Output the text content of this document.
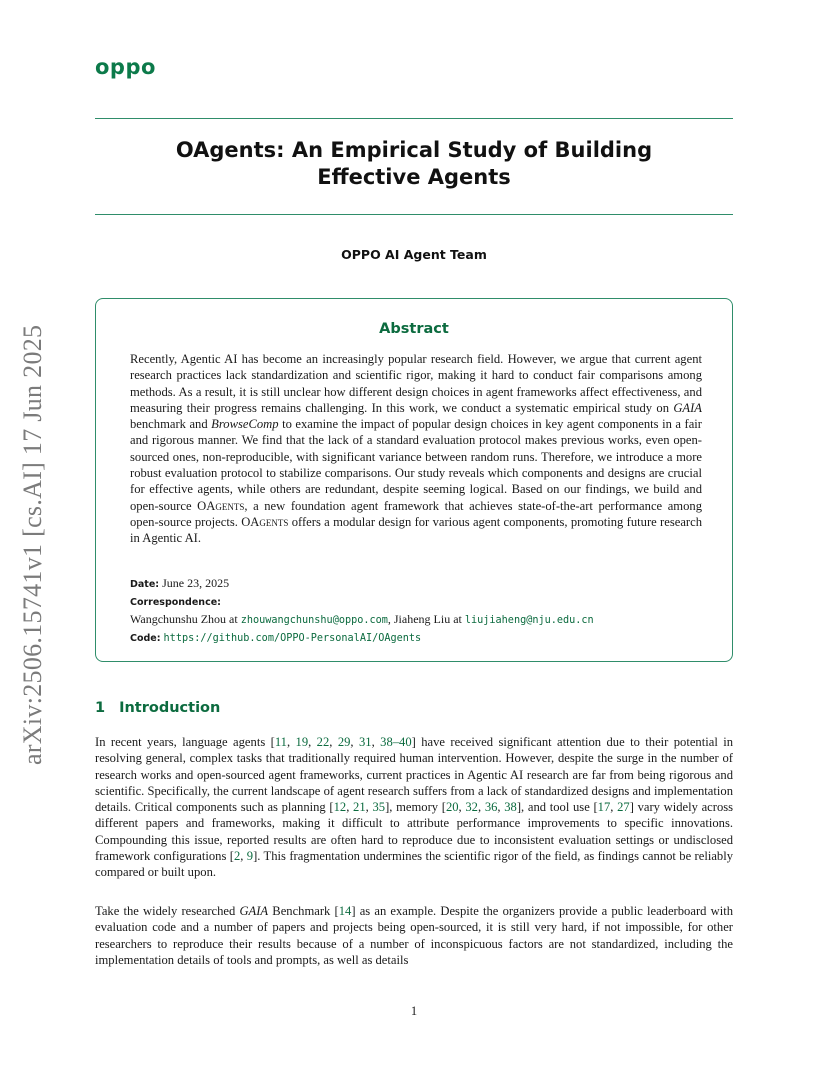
oppo
arXiv:2506.15741v1 [cs.AI] 17 Jun 2025
OAgents: An Empirical Study of Building
Effective Agents
OPPO AI Agent Team
Abstract

Recently, Agentic AI has become an increasingly popular research field. However, we argue that current agent research practices lack standardization and scientific rigor, making it hard to conduct fair comparisons among methods. As a result, it is still unclear how different design choices in agent frameworks affect effectiveness, and measuring their progress remains challenging. In this work, we conduct a systematic empirical study on GAIA benchmark and BrowseComp to examine the impact of popular design choices in key agent components in a fair and rigorous manner. We find that the lack of a standard evaluation protocol makes previous works, even open-sourced ones, non-reproducible, with significant variance between random runs. Therefore, we introduce a more robust evaluation protocol to stabilize comparisons. Our study reveals which components and designs are crucial for effective agents, while others are redundant, despite seeming logical. Based on our findings, we build and open-source OAgents, a new foundation agent framework that achieves state-of-the-art performance among open-source projects. OAgents offers a modular design for various agent components, promoting future research in Agentic AI.

Date: June 23, 2025
Correspondence:
Wangchunshu Zhou at zhouwangchunshu@oppo.com, Jiaheng Liu at liujiaheng@nju.edu.cn
Code: https://github.com/OPPO-PersonalAI/OAgents
1 Introduction

In recent years, language agents [11, 19, 22, 29, 31, 38–40] have received significant attention due to their potential in resolving general, complex tasks that traditionally required human intervention. However, despite the surge in the number of research works and open-sourced agent frameworks, current practices in Agentic AI research are far from being rigorous and scientific. Specifically, the current landscape of agent research suffers from a lack of standardized designs and implementation details. Critical components such as planning [12, 21, 35], memory [20, 32, 36, 38], and tool use [17, 27] vary widely across different papers and frameworks, making it difficult to attribute performance improvements to specific innovations. Compounding this issue, reported results are often hard to reproduce due to inconsistent evaluation settings or undisclosed framework configurations [2, 9]. This fragmentation undermines the scientific rigor of the field, as findings cannot be reliably compared or built upon.

Take the widely researched GAIA Benchmark [14] as an example. Despite the organizers provide a public leaderboard with evaluation code and a number of papers and projects being open-sourced, it is still very hard, if not impossible, for other researchers to reproduce their results because of a number of inconspicuous factors are not standardized, including the implementation details of tools and prompts, as well as details

1
